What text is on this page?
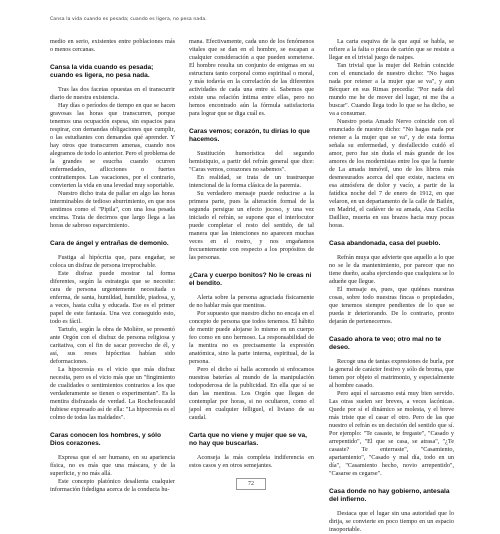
Cansa la vida cuando es pesada; cuando es ligera, no pesa nada.

medio en serio, existentes entre poblaciones más o menos cercanas.

Cansa la vida cuando es pesada; cuando es ligera, no pesa nada.

Tras las dos facetas opuestas en el transcurrir diario de nuestra existencia.

Hay días o períodos de tiempo en que se hacen gravosas las horas que transcurren, porque tenemos una ocupación espesa, sin espacios para respirar, con demandas obligaciones que cumplir, o las estudiantes con demandas qué aprender. Y hay otros que transcurren amenas, cuando nos alegramos de todo lo anterior. Pero el problema de la grandes se esucrba cuando ocurren enfermedades, aflicciones o fuertes contratiempos. Las vacaciones, por el contrario, convierten la vida en una levedad muy soportable.

Nuestro dicho trata de pallar en algo las horas interminables de tedioso aburrimiento, en que nos sentimos como el "Pipila", con una losa pesada encima. Trata de decirnos que largo llega a las horas de sabroso esparcimiento.

Cara de ángel y entrañas de demonio.

Fustiga al hipócrita que, para engañar, se coloca un disfraz de persona irreprochable.

Este disfraz puede mostrar tal forma diferentes, según la estrategia que se necesite: cara de persona urgentemente necesitada o enferma, de santa, humildad, humilde, piadosa, y, a veces, hasta culta y educada. Ese es el primer papel de este fantasía. Una vez conseguido esto, todo es fácil.

Tartufo, según la obra de Molière, se presentó ante Orgón con el disfraz de persona religiosa y caritativa, con el fin de sacar provecho de él, y así, sus reses hipócritas habían sido deformaciones.

La hipocresía es el vicio que más disfraz necesita, pero es el vicio más que un "fingimiento de cualidades o sentimientos contrarios a los que verdaderamente se tienen o experimentan". Es la mentira disfrazada de verdad. La Rochefoucauld hubiese expresado así de ella: "La hipocresía es el colmo de todas las maldades".

Caras conocen los hombres, y sólo Dios corazones.

Expresa que el ser humano, en su apariencia física, no es más que una máscara, y de la superficie, y no más allá.

Este concepto platónico desalienta cualquier información fidedigna acerca de la conducta hu-

mana. Efectivamente, cada uno de los fenómenos vitales que se dan en el hombre, se escapan a cualquier consideración a que pueden someterse. El hombre resulta un conjunto de enigmas en su estructura tanto corporal como espiritual o moral, y más todavía en la correlación de las diferentes actividades de cada una entre sí. Sabemos que existe una relación íntima entre ellas, pero no hemos encontrado aún la fórmula satisfactoria para lograr que se diga cuál es.

Caras vemos; corazón, tu dirías lo que hacemos.

Sustitución humorística del segundo hemistiquio, a partir del refrán general que dice: "Caras vemos, corazones no sabemos".

En realidad, se trata de un trastrueque intencional de la forma clásica de la paremia.

Su verdadero mensaje puede reducirse a la primera parte, pues la alteración formal de la segunda persigue un efecto jocoso, y una vez iniciado el refrán, se supone que el interlocutor puede completar el resto del sentido, de tal manera que las intenciones no aparecen muchas veces en el rostro, y nos engañamos frecuentemente con respecto a los propósitos de las personas.

¿Cara y cuerpo bonitos? No le creas ni el bendito.

Alerta sobre la persona agraciada físicamente de no hablar más que mentiras.

Por supuesto que nuestro dicho no encaja en el concepto de persona que todos tenemos. El hábito de mentir puede alojarse lo mismo en un cuerpo feo como en uno hermoso. La responsabilidad de la mentira no es precisamente la expresión anatómica, sino la parte interna, espiritual, de la persona.

Pero el dicho sí halla acomodo si enfocamos nuestras baterías al mundo de la manipulación todopoderosa de la publicidad. En ella que sí se dan las mentiras. Los Orgón que llegan de contemplar por horas, si no ocultaron, como el japol en cualquier felliguel, el liviano de su caudal.

Carta que no viene y mujer que se va, no hay que buscarlas.

Aconseja la más completa indiferencia en estos casos y en otros semejantes.

La carta esquiva de la que aquí se habla, se refiere a la falta o pieza de cartón que se resiste a llegar en el trivial juego de naipes.

Tan trivial que la mujer del Refrán coincide con el enunciado de nuestro dicho: "No hagas nada por retener a la mujer que se va", y aun Bécquer en sus Rimas precedía: "Por nada del mundo me he de mover del lugar, ni me iba a buscar". Cuando llega todo lo que se ha dicho, se va a consumar.

Nuestro poeta Amado Nervo coincide con el enunciado de nuestro dicho: "No hagas nada por retener a la mujer que se va", y de esta forma señala su enfermedad, y desfallecido cuidó el amor, pero fue sin duda el más grande de los amores de los modernistas entre los que la fuente de La amada inmóvil, uno de los libros más desmesurados acerca del que existe, naciera en esa atmósfera de dolor y vacío, a partir de la fatídica noche del 7 de enero de 1912, en que velaron, en un departamento de la calle de Bailén, en Madrid, el cadáver de su amada, Ana Cecilia Dailliez, muerta en sus brazos hacia muy pocas horas.

Casa abandonada, casa del pueblo.

Refrán muya que advierte que aquello a lo que no se le da mantenimiento, por parecer que no tiene dueño, acaba ejerciendo que cualquiera se lo adueñe que llegue.

El mensaje es, pues, que quiénes nuestras cosas, sobre todo nuestras fincas o propiedades, que tenemos siempre pendientes de lo que se pueda ir deteriorando. De lo contrario, pronto dejarán de pertenecernos.

Casado ahora te veo; otro mal no te deseo.

Recoge una de tantas expresiones de burla, por la general de carácter festivo y sólo de broma, que tienen por objeto el matrimonio, y especialmente al hombre casado.

Pero aquí el sarcasmo está muy bien servido. Las otras suelen ser breves, a veces lacónicas. Quede por sí el dinámico se molesta, y el breve más triste que el casar el otro. Pero de las que nuestro el refrán es un decisión del sentido que sí. Por ejemplo: "Te casaste, te fregaste", "Casado y arrepentido", "El que se casa, se atrasa", "¿Te casaste? Te enterraste", "Casamiento, apartamiento", "Casado y mal día, todo en un día", "Casamiento hecho, novio arrepentido", "Casarse es cegarse".

Casa donde no hay gobierno, antesala del infierno.

Destaca que el lugar sin una autoridad que lo dirija, se convierte en poco tiempo en un espacio insoportable.

72
